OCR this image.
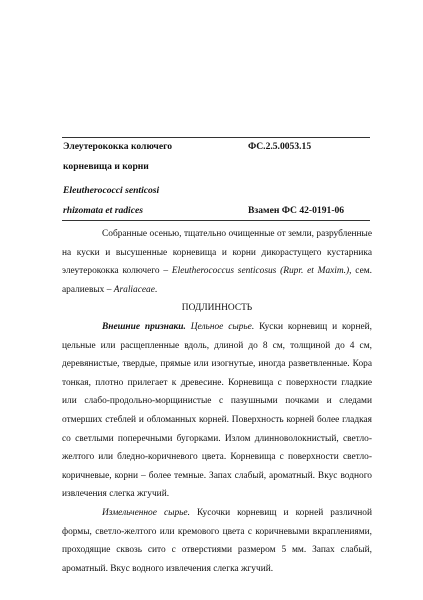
Элеутерококка колючего	ФС.2.5.0053.15
корневища и корни
Eleutherococci senticosi
rhizomata et radices	Взамен ФС 42-0191-06

Собранные осенью, тщательно очищенные от земли, разрубленные на куски и высушенные корневища и корни дикорастущего кустарника элеутерококка колючего – Eleutherococcus senticosus (Rupr. et Maxim.), сем. аралиевых – Araliaceae.

ПОДЛИННОСТЬ

Внешние признаки. Цельное сырье. Куски корневищ и корней, цельные или расщепленные вдоль, длиной до 8 см, толщиной до 4 см, деревянистые, твердые, прямые или изогнутые, иногда разветвленные. Кора тонкая, плотно прилегает к древесине. Корневища с поверхности гладкие или слабо-продольно-морщинистые с пазушными почками и следами отмерших стеблей и обломанных корней. Поверхность корней более гладкая со светлыми поперечными бугорками. Излом длинноволокнистый, светло-желтого или бледно-коричневого цвета. Корневища с поверхности светло-коричневые, корни – более темные. Запах слабый, ароматный. Вкус водного извлечения слегка жгучий.

Измельченное сырье. Кусочки корневищ и корней различной формы, светло-желтого или кремового цвета с коричневыми вкраплениями, проходящие сквозь сито с отверстиями размером 5 мм. Запах слабый, ароматный. Вкус водного извлечения слегка жгучий.
